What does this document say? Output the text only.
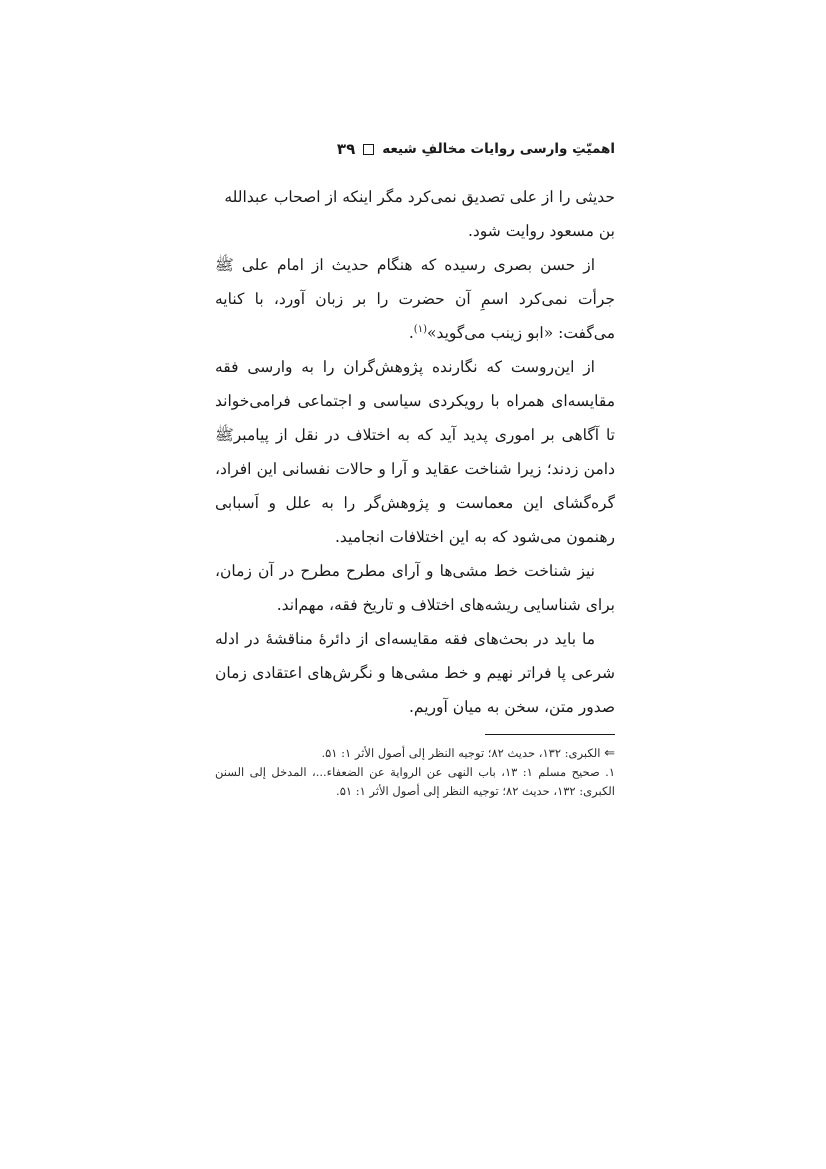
۳۹ اهمیّتِ وارسی روایات مخالفِ شیعه

حدیثی را از علی تصدیق نمی‌کرد مگر اینکه از اصحاب عبدالله

بن مسعود روایت شود.

از حسن بصری رسیده که هنگام حدیث از امام علی ﷺ جرأت نمی‌کرد اسمِ آن حضرت را بر زبان آورد، با کنایه می‌گفت: «ابو زینب می‌گوید»$^{(۱)}$.

از این‌روست که نگارنده پژوهش‌گران را به وارسی فقه مقایسه‌ای همراه با رویکردی سیاسی و اجتماعی فرامی‌خواند تا آگاهی بر اموری پدید آید که به اختلاف در نقل از پیامبرﷺ دامن زدند؛ زیرا شناخت عقاید و آرا و حالات نفسانی این افراد، گره‌گشای این معماست و پژوهش‌گر را به علل و اَسبابی رهنمون می‌شود که به این اختلافات انجامید.

نیز شناخت خط مشی‌ها و آرای مطرح مطرح در آن زمان، برای شناسایی ریشه‌های اختلاف و تاریخ فقه، مهم‌اند.

ما باید در بحث‌های فقه مقایسه‌ای از دائرهٔ مناقشهٔ در ادله شرعی پا فراتر نهیم و خط مشی‌ها و نگرش‌های اعتقادی زمان صدور متن، سخن به میان آوریم.

⇐ الکبری: ۱۳۲، حدیث ۸۲؛ توجیه النظر إلی أصول الأثر ۱: ۵۱.

۱. صحیح مسلم ۱: ۱۳، باب النهی عن الروایة عن الضعفاء...، المدخل إلی السنن الکبری: ۱۳۲، حدیث ۸۲؛ توجیه النظر إلی أصول الأثر ۱: ۵۱.
